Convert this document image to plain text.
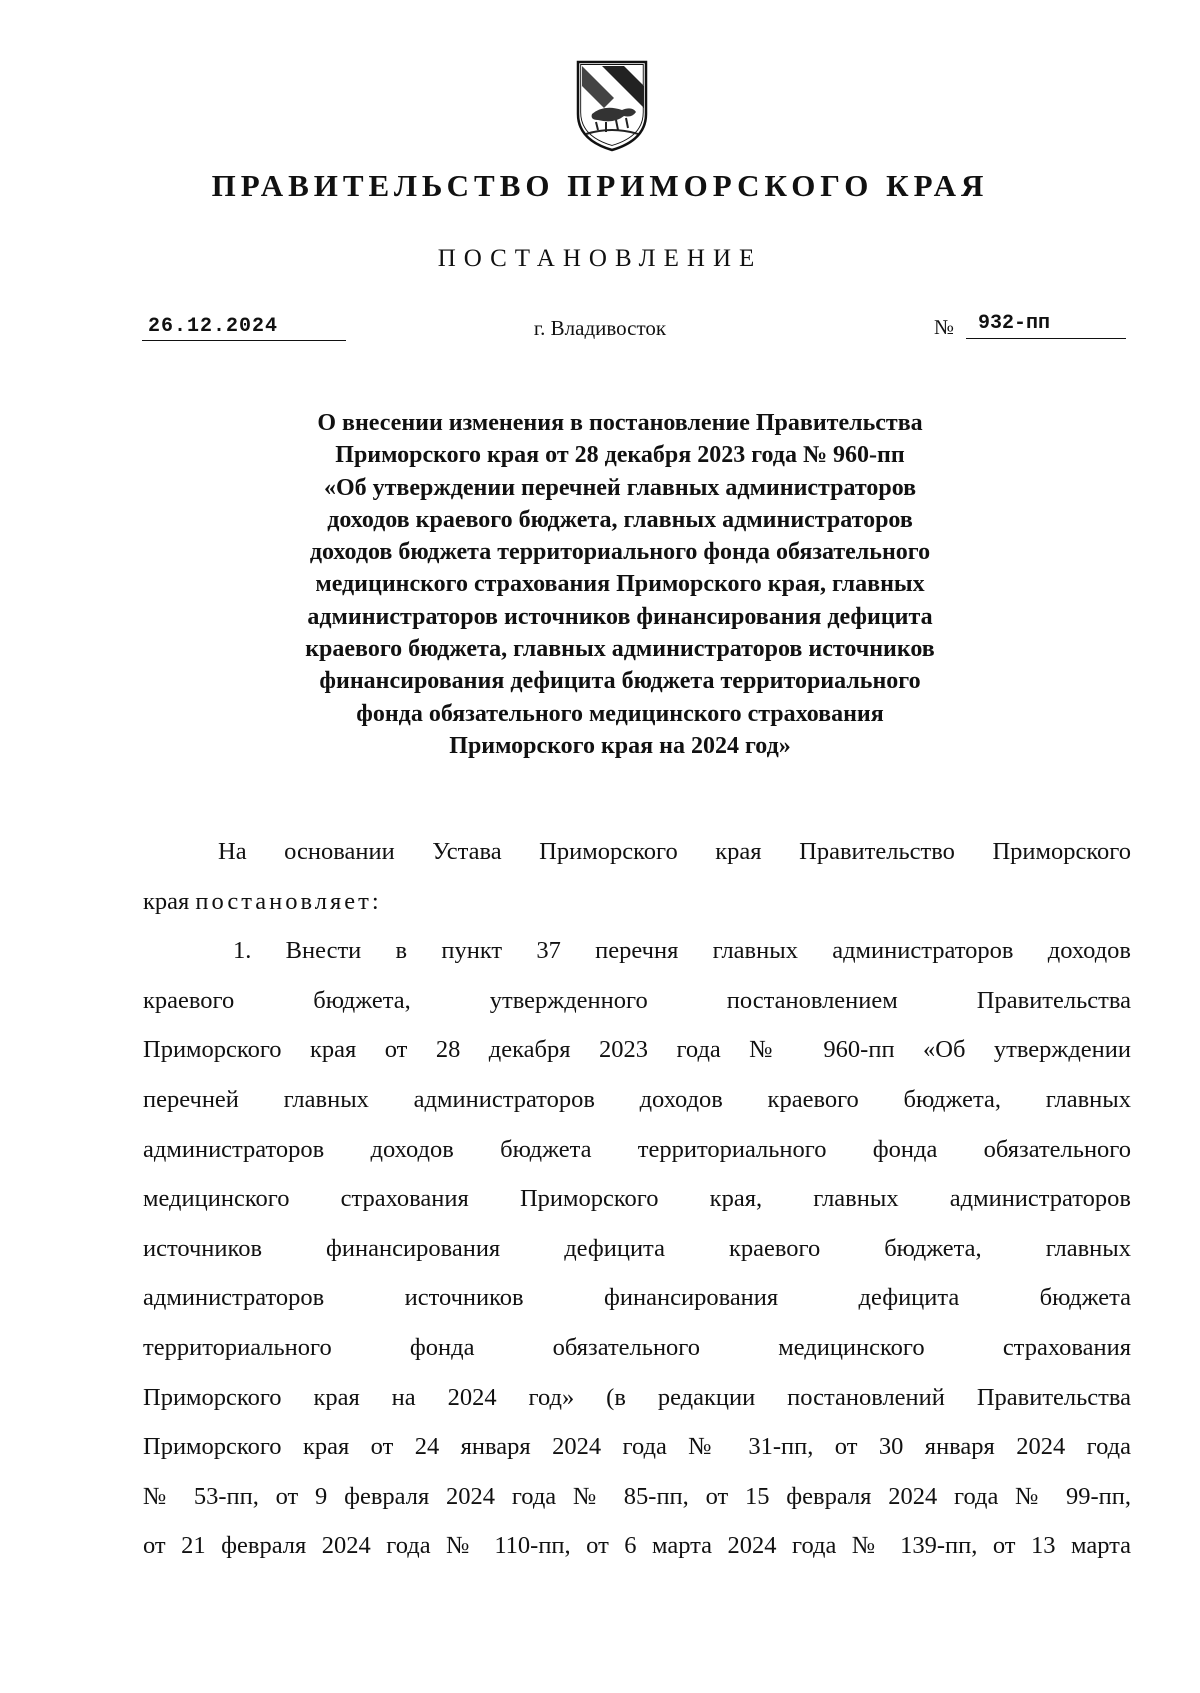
ПРАВИТЕЛЬСТВО ПРИМОРСКОГО КРАЯ
ПОСТАНОВЛЕНИЕ
26.12.2024	г. Владивосток	№	932-пп
О внесении изменения в постановление Правительства
Приморского края от 28 декабря 2023 года № 960-пп
«Об утверждении перечней главных администраторов
доходов краевого бюджета, главных администраторов
доходов бюджета территориального фонда обязательного
медицинского страхования Приморского края, главных
администраторов источников финансирования дефицита
краевого бюджета, главных администраторов источников
финансирования дефицита бюджета территориального
фонда обязательного медицинского страхования
Приморского края на 2024 год»
На основании Устава Приморского края Правительство Приморского
края постановляет:
1. Внести в пункт 37 перечня главных администраторов доходов
краевого бюджета, утвержденного постановлением Правительства
Приморского края от 28 декабря 2023 года № 960-пп «Об утверждении
перечней главных администраторов доходов краевого бюджета, главных
администраторов доходов бюджета территориального фонда обязательного
медицинского страхования Приморского края, главных администраторов
источников финансирования дефицита краевого бюджета, главных
администраторов источников финансирования дефицита бюджета
территориального фонда обязательного медицинского страхования
Приморского края на 2024 год» (в редакции постановлений Правительства
Приморского края от 24 января 2024 года № 31-пп, от 30 января 2024 года
№ 53-пп, от 9 февраля 2024 года № 85-пп, от 15 февраля 2024 года № 99-пп,
от 21 февраля 2024 года № 110-пп, от 6 марта 2024 года № 139-пп, от 13 марта
